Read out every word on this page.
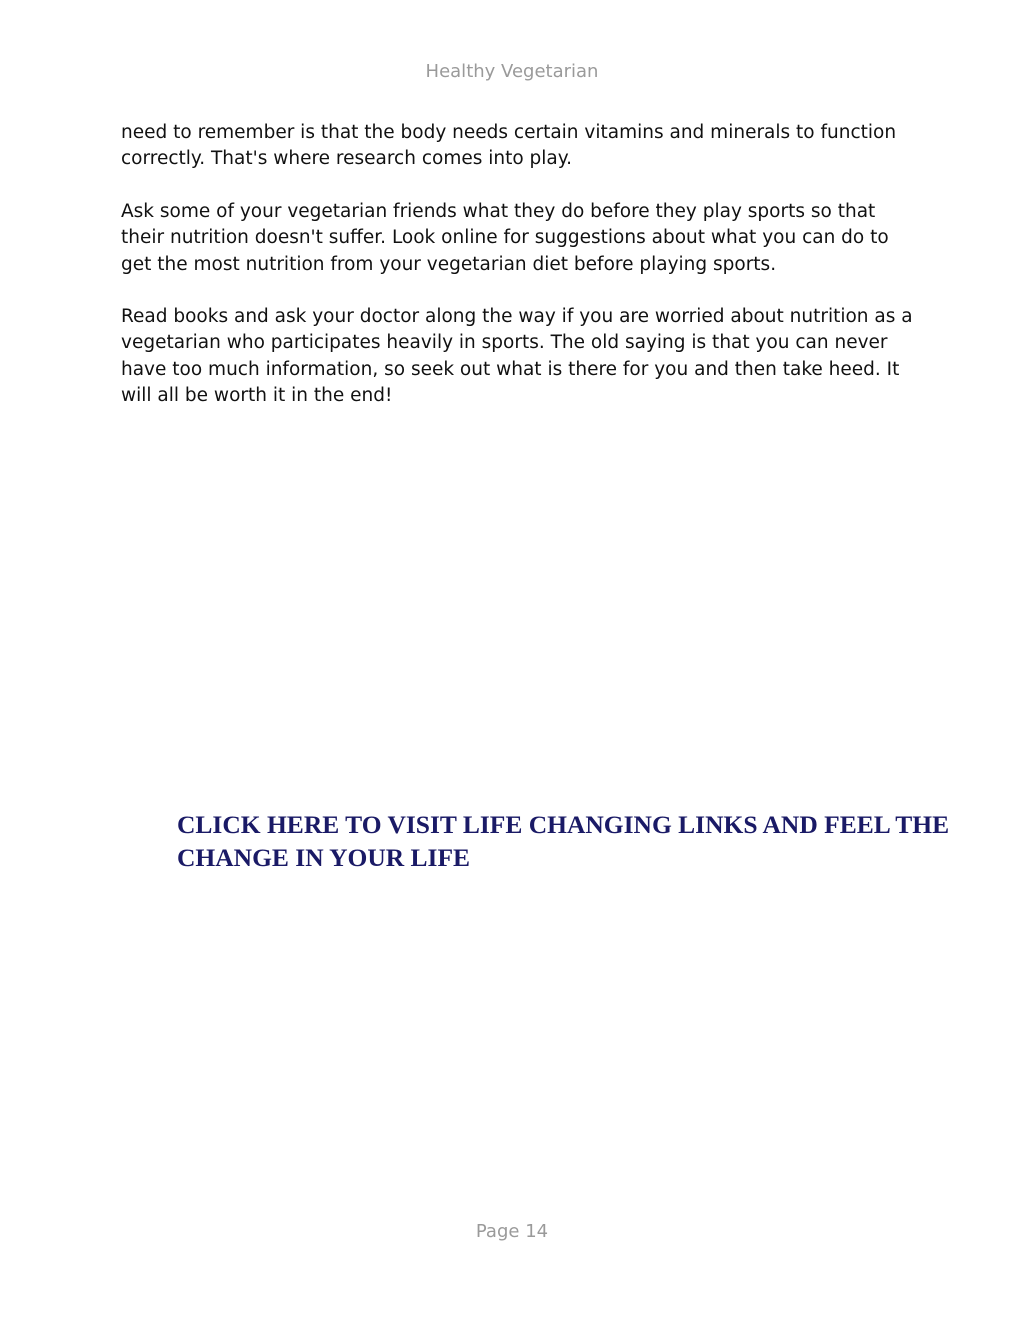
Healthy Vegetarian

need to remember is that the body needs certain vitamins and minerals to function correctly. That's where research comes into play.

Ask some of your vegetarian friends what they do before they play sports so that their nutrition doesn't suffer. Look online for suggestions about what you can do to get the most nutrition from your vegetarian diet before playing sports.

Read books and ask your doctor along the way if you are worried about nutrition as a vegetarian who participates heavily in sports. The old saying is that you can never have too much information, so seek out what is there for you and then take heed. It will all be worth it in the end!

CLICK HERE TO VISIT LIFE CHANGING LINKS AND FEEL THE CHANGE IN YOUR LIFE
Page 14
